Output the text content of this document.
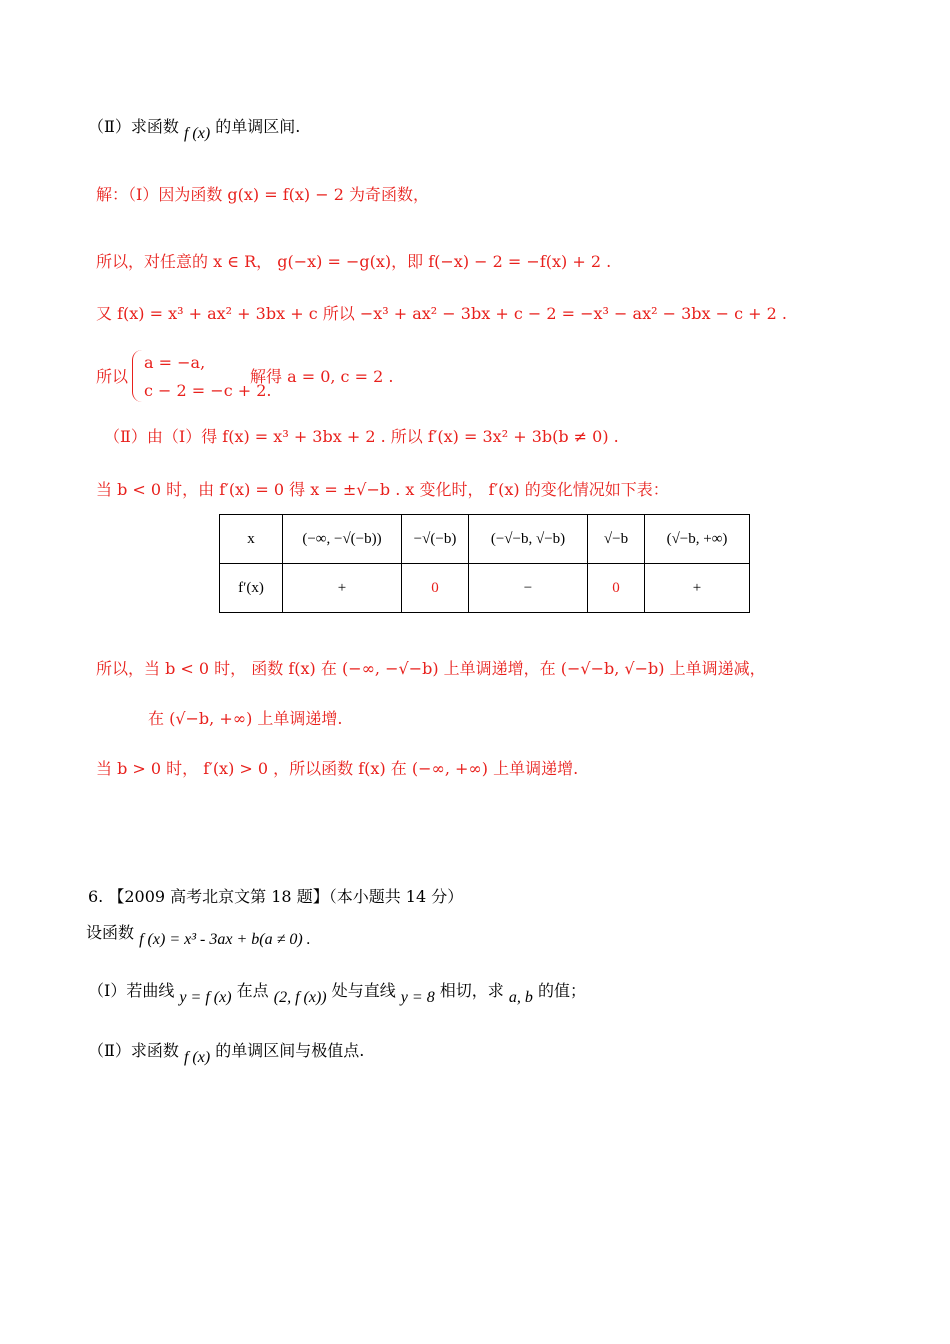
（Ⅱ）求函数 f (x) 的单调区间.
解：（Ⅰ）因为函数 g(x) = f(x) − 2 为奇函数，
所以，对任意的 x ∈ R， g(−x) = −g(x)，即 f(−x) − 2 = −f(x) + 2 .
又 f(x) = x³ + ax² + 3bx + c 所以 −x³ + ax² − 3bx + c − 2 = −x³ − ax² − 3bx − c + 2 .
所以
a = −a,
c − 2 = −c + 2.
解得 a = 0, c = 2 .
（Ⅱ）由（Ⅰ）得 f(x) = x³ + 3bx + 2 . 所以 f′(x) = 3x² + 3b(b ≠ 0) .
当 b < 0 时，由 f′(x) = 0 得 x = ±√−b . x 变化时， f′(x) 的变化情况如下表：
x	(−∞, −√(−b))	−√(−b)	(−√−b, √−b)	√−b	(√−b, +∞)
f′(x)	+	0	−	0	+
所以，当 b < 0 时， 函数 f(x) 在 (−∞, −√−b) 上单调递增，在 (−√−b, √−b) 上单调递减，
在 (√−b, +∞) 上单调递增.
当 b > 0 时， f′(x) > 0 ，所以函数 f(x) 在 (−∞, +∞) 上单调递增.
6. 【2009 高考北京文第 18 题】（本小题共 14 分）
设函数 f (x) = x³ - 3ax + b(a ≠ 0) .
（Ⅰ）若曲线 y = f (x) 在点 (2, f (x)) 处与直线 y = 8 相切，求 a, b 的值；
（Ⅱ）求函数 f (x) 的单调区间与极值点.
